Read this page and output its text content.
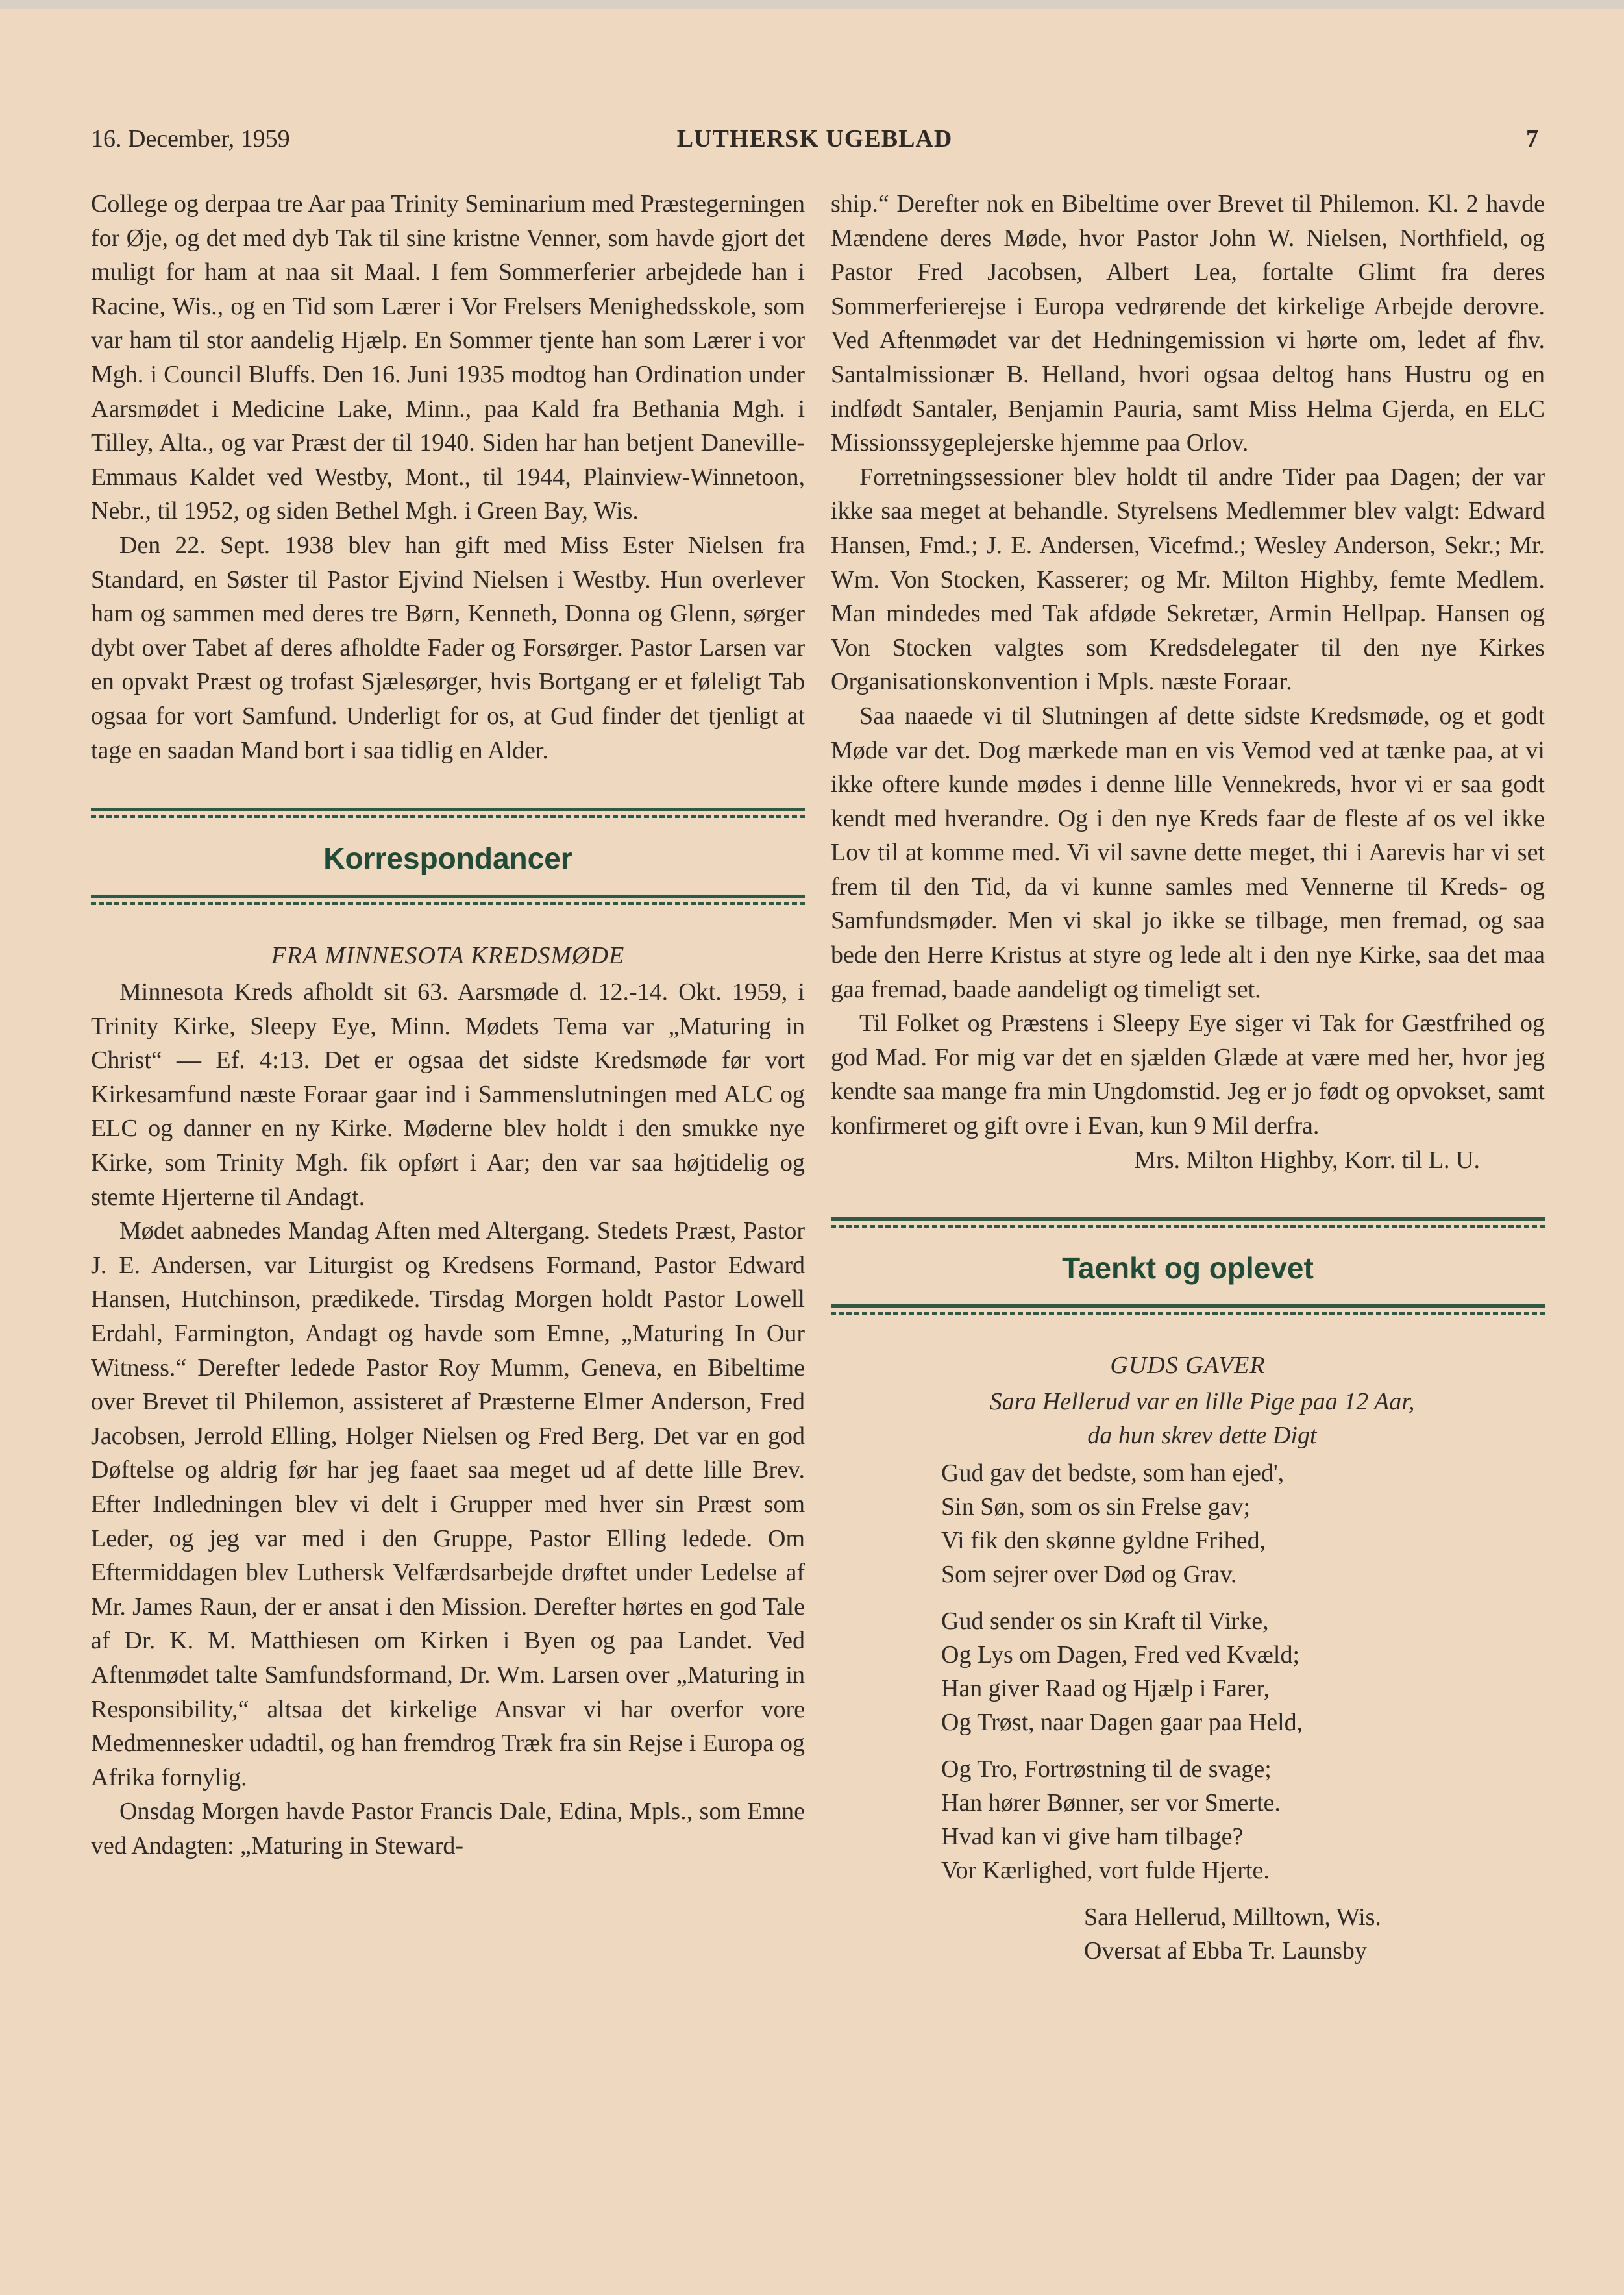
16. December, 1959	LUTHERSK UGEBLAD	7

College og derpaa tre Aar paa Trinity Seminarium med Præstegerningen for Øje, og det med dyb Tak til sine kristne Venner, som havde gjort det muligt for ham at naa sit Maal. I fem Sommerferier arbejdede han i Racine, Wis., og en Tid som Lærer i Vor Frelsers Menighedsskole, som var ham til stor aandelig Hjælp. En Sommer tjente han som Lærer i vor Mgh. i Council Bluffs. Den 16. Juni 1935 modtog han Ordination under Aarsmødet i Medicine Lake, Minn., paa Kald fra Bethania Mgh. i Tilley, Alta., og var Præst der til 1940. Siden har han betjent Daneville-Emmaus Kaldet ved Westby, Mont., til 1944, Plainview-Winnetoon, Nebr., til 1952, og siden Bethel Mgh. i Green Bay, Wis.

Den 22. Sept. 1938 blev han gift med Miss Ester Nielsen fra Standard, en Søster til Pastor Ejvind Nielsen i Westby. Hun overlever ham og sammen med deres tre Børn, Kenneth, Donna og Glenn, sørger dybt over Tabet af deres afholdte Fader og Forsørger. Pastor Larsen var en opvakt Præst og trofast Sjælesørger, hvis Bortgang er et føleligt Tab ogsaa for vort Samfund. Underligt for os, at Gud finder det tjenligt at tage en saadan Mand bort i saa tidlig en Alder.

Korrespondancer
FRA MINNESOTA KREDSMØDE

Minnesota Kreds afholdt sit 63. Aarsmøde d. 12.-14. Okt. 1959, i Trinity Kirke, Sleepy Eye, Minn. Mødets Tema var „Maturing in Christ“ — Ef. 4:13. Det er ogsaa det sidste Kredsmøde før vort Kirkesamfund næste Foraar gaar ind i Sammenslutningen med ALC og ELC og danner en ny Kirke. Møderne blev holdt i den smukke nye Kirke, som Trinity Mgh. fik opført i Aar; den var saa højtidelig og stemte Hjerterne til Andagt.

Mødet aabnedes Mandag Aften med Altergang. Stedets Præst, Pastor J. E. Andersen, var Liturgist og Kredsens Formand, Pastor Edward Hansen, Hutchinson, prædikede. Tirsdag Morgen holdt Pastor Lowell Erdahl, Farmington, Andagt og havde som Emne, „Maturing In Our Witness.“ Derefter ledede Pastor Roy Mumm, Geneva, en Bibeltime over Brevet til Philemon, assisteret af Præsterne Elmer Anderson, Fred Jacobsen, Jerrold Elling, Holger Nielsen og Fred Berg. Det var en god Døftelse og aldrig før har jeg faaet saa meget ud af dette lille Brev. Efter Indledningen blev vi delt i Grupper med hver sin Præst som Leder, og jeg var med i den Gruppe, Pastor Elling ledede. Om Eftermiddagen blev Luthersk Velfærdsarbejde drøftet under Ledelse af Mr. James Raun, der er ansat i den Mission. Derefter hørtes en god Tale af Dr. K. M. Matthiesen om Kirken i Byen og paa Landet. Ved Aftenmødet talte Samfundsformand, Dr. Wm. Larsen over „Maturing in Responsibility,“ altsaa det kirkelige Ansvar vi har overfor vore Medmennesker udadtil, og han fremdrog Træk fra sin Rejse i Europa og Afrika fornylig.

Onsdag Morgen havde Pastor Francis Dale, Edina, Mpls., som Emne ved Andagten: „Maturing in Steward-

ship.“ Derefter nok en Bibeltime over Brevet til Philemon. Kl. 2 havde Mændene deres Møde, hvor Pastor John W. Nielsen, Northfield, og Pastor Fred Jacobsen, Albert Lea, fortalte Glimt fra deres Sommerferierejse i Europa vedrørende det kirkelige Arbejde derovre. Ved Aftenmødet var det Hedningemission vi hørte om, ledet af fhv. Santalmissionær B. Helland, hvori ogsaa deltog hans Hustru og en indfødt Santaler, Benjamin Pauria, samt Miss Helma Gjerda, en ELC Missionssygeplejerske hjemme paa Orlov.

Forretningssessioner blev holdt til andre Tider paa Dagen; der var ikke saa meget at behandle. Styrelsens Medlemmer blev valgt: Edward Hansen, Fmd.; J. E. Andersen, Vicefmd.; Wesley Anderson, Sekr.; Mr. Wm. Von Stocken, Kasserer; og Mr. Milton Highby, femte Medlem. Man mindedes med Tak afdøde Sekretær, Armin Hellpap. Hansen og Von Stocken valgtes som Kredsdelegater til den nye Kirkes Organisationskonvention i Mpls. næste Foraar.

Saa naaede vi til Slutningen af dette sidste Kredsmøde, og et godt Møde var det. Dog mærkede man en vis Vemod ved at tænke paa, at vi ikke oftere kunde mødes i denne lille Vennekreds, hvor vi er saa godt kendt med hverandre. Og i den nye Kreds faar de fleste af os vel ikke Lov til at komme med. Vi vil savne dette meget, thi i Aarevis har vi set frem til den Tid, da vi kunne samles med Vennerne til Kreds- og Samfundsmøder. Men vi skal jo ikke se tilbage, men fremad, og saa bede den Herre Kristus at styre og lede alt i den nye Kirke, saa det maa gaa fremad, baade aandeligt og timeligt set.

Til Folket og Præstens i Sleepy Eye siger vi Tak for Gæstfrihed og god Mad. For mig var det en sjælden Glæde at være med her, hvor jeg kendte saa mange fra min Ungdomstid. Jeg er jo født og opvokset, samt konfirmeret og gift ovre i Evan, kun 9 Mil derfra.

Mrs. Milton Highby, Korr. til L. U.

Taenkt og oplevet
GUDS GAVER

Sara Hellerud var en lille Pige paa 12 Aar,

da hun skrev dette Digt

Gud gav det bedste, som han ejed',
Sin Søn, som os sin Frelse gav;
Vi fik den skønne gyldne Frihed,
Som sejrer over Død og Grav.
Gud sender os sin Kraft til Virke,
Og Lys om Dagen, Fred ved Kvæld;
Han giver Raad og Hjælp i Farer,
Og Trøst, naar Dagen gaar paa Held,
Og Tro, Fortrøstning til de svage;
Han hører Bønner, ser vor Smerte.
Hvad kan vi give ham tilbage?
Vor Kærlighed, vort fulde Hjerte.
Sara Hellerud, Milltown, Wis.
Oversat af Ebba Tr. Launsby
